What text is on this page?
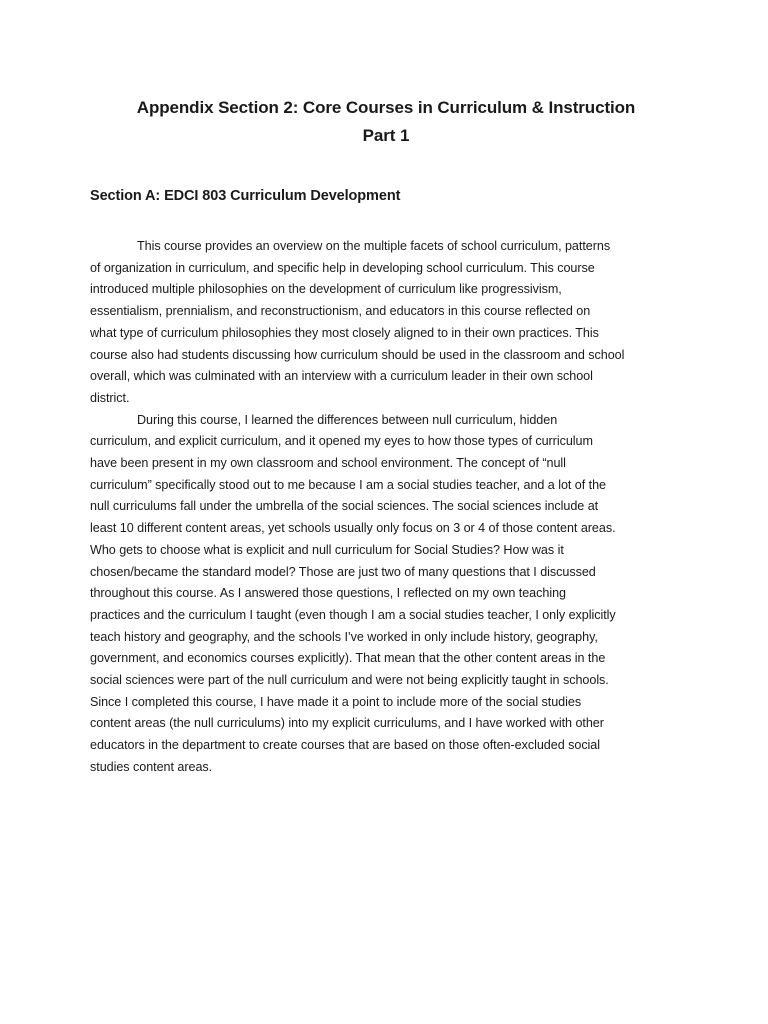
Appendix Section 2: Core Courses in Curriculum & Instruction
Part 1
Section A: EDCI 803 Curriculum Development
This course provides an overview on the multiple facets of school curriculum, patterns
of organization in curriculum, and specific help in developing school curriculum. This course
introduced multiple philosophies on the development of curriculum like progressivism,
essentialism, prennialism, and reconstructionism, and educators in this course reflected on
what type of curriculum philosophies they most closely aligned to in their own practices. This
course also had students discussing how curriculum should be used in the classroom and school
overall, which was culminated with an interview with a curriculum leader in their own school
district.
During this course, I learned the differences between null curriculum, hidden
curriculum, and explicit curriculum, and it opened my eyes to how those types of curriculum
have been present in my own classroom and school environment. The concept of “null
curriculum” specifically stood out to me because I am a social studies teacher, and a lot of the
null curriculums fall under the umbrella of the social sciences. The social sciences include at
least 10 different content areas, yet schools usually only focus on 3 or 4 of those content areas.
Who gets to choose what is explicit and null curriculum for Social Studies? How was it
chosen/became the standard model? Those are just two of many questions that I discussed
throughout this course. As I answered those questions, I reflected on my own teaching
practices and the curriculum I taught (even though I am a social studies teacher, I only explicitly
teach history and geography, and the schools I’ve worked in only include history, geography,
government, and economics courses explicitly). That mean that the other content areas in the
social sciences were part of the null curriculum and were not being explicitly taught in schools.
Since I completed this course, I have made it a point to include more of the social studies
content areas (the null curriculums) into my explicit curriculums, and I have worked with other
educators in the department to create courses that are based on those often-excluded social
studies content areas.
